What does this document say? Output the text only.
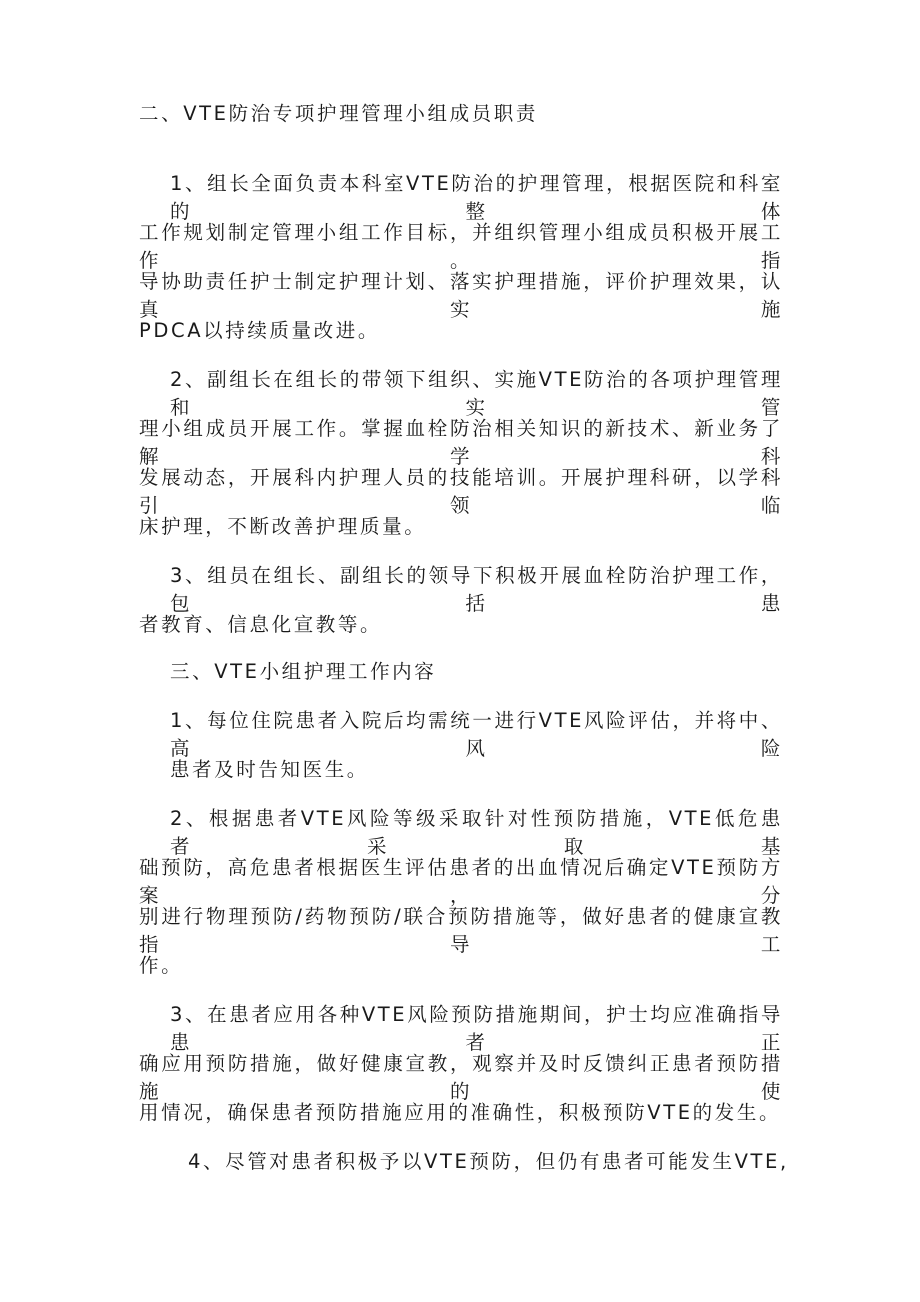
二、VTE防治专项护理管理小组成员职责
1、组长全面负责本科室VTE防治的护理管理，根据医院和科室的整体
工作规划制定管理小组工作目标，并组织管理小组成员积极开展工作。指
导协助责任护士制定护理计划、落实护理措施，评价护理效果，认真实施
PDCA以持续质量改进。
2、副组长在组长的带领下组织、实施VTE防治的各项护理管理和实管
理小组成员开展工作。掌握血栓防治相关知识的新技术、新业务了解学科
发展动态，开展科内护理人员的技能培训。开展护理科研，以学科引领临
床护理，不断改善护理质量。
3、组员在组长、副组长的领导下积极开展血栓防治护理工作，包括患
者教育、信息化宣教等。
三、VTE小组护理工作内容
1、每位住院患者入院后均需统一进行VTE风险评估，并将中、高风险
患者及时告知医生。
2、根据患者VTE风险等级采取针对性预防措施，VTE低危患者采取基
础预防，高危患者根据医生评估患者的出血情况后确定VTE预防方案，分
别进行物理预防/药物预防/联合预防措施等，做好患者的健康宣教指导工
作。
3、在患者应用各种VTE风险预防措施期间，护士均应准确指导患者正
确应用预防措施，做好健康宣教，观察并及时反馈纠正患者预防措施的使
用情况，确保患者预防措施应用的准确性，积极预防VTE的发生。
4、尽管对患者积极予以VTE预防，但仍有患者可能发生VTE,
